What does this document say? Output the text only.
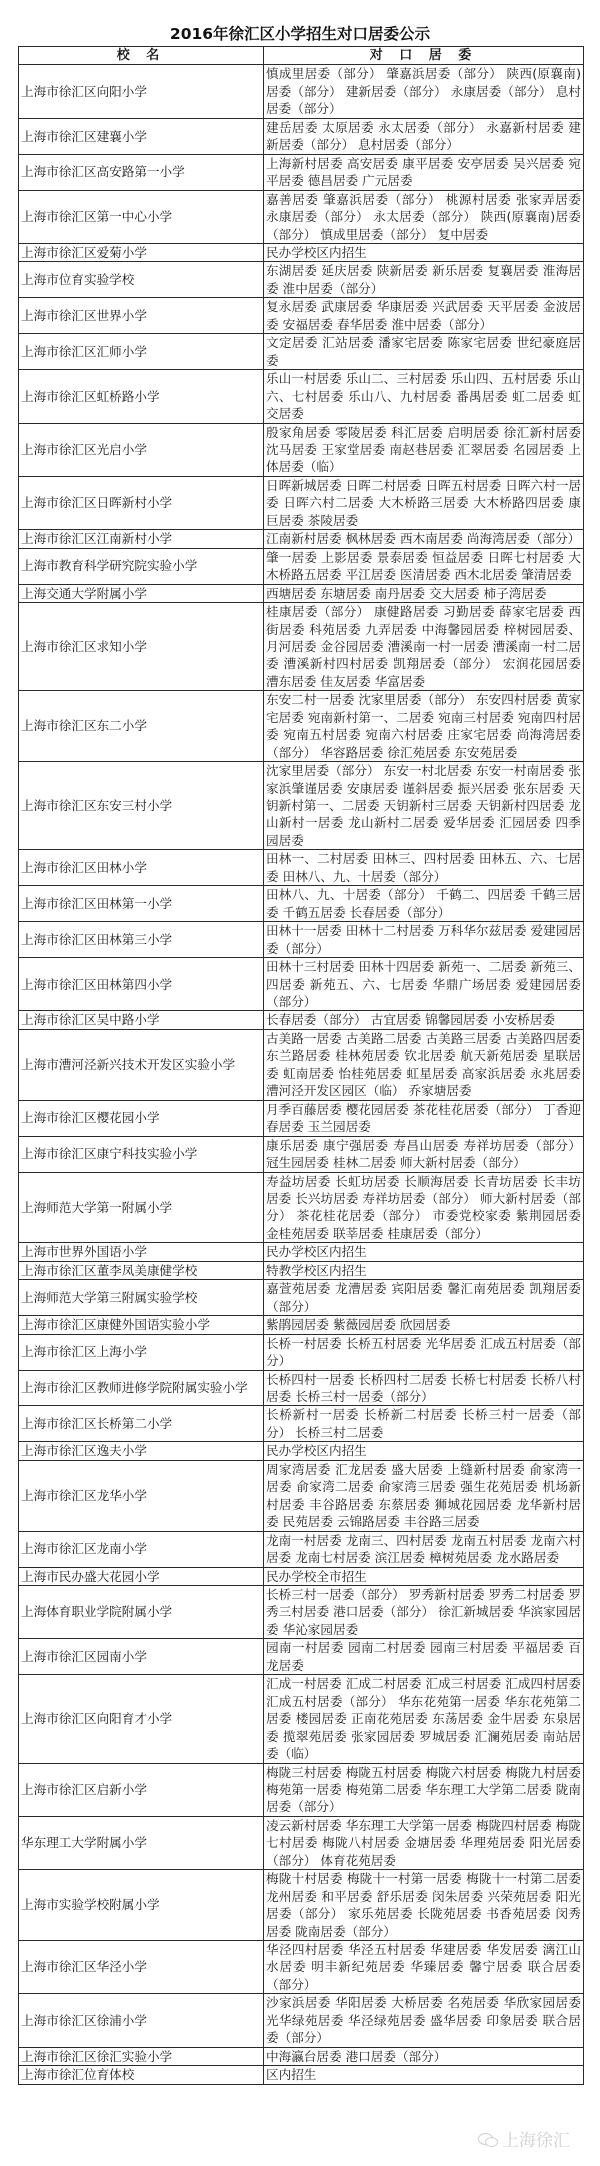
2016年徐汇区小学招生对口居委公示
校 名	对 口 居 委
上海市徐汇区向阳小学	慎成里居委（部分） 肇嘉浜居委（部分） 陕西(原襄南)居委（部分） 建新居委（部分） 永康居委（部分） 息村居委（部分）
上海市徐汇区建襄小学	建岳居委 太原居委 永太居委（部分） 永嘉新村居委 建新居委（部分） 息村居委（部分）
上海市徐汇区高安路第一小学	上海新村居委 高安居委 康平居委 安亭居委 吴兴居委 宛平居委 德昌居委 广元居委
上海市徐汇区第一中心小学	嘉善居委 肇嘉浜居委（部分） 桃源村居委 张家弄居委 永康居委（部分） 永太居委（部分） 陕西(原襄南)居委（部分） 慎成里居委（部分） 复中居委
上海市徐汇区爱菊小学	民办学校区内招生
上海市位育实验学校	东湖居委 延庆居委 陕新居委 新乐居委 复襄居委 淮海居委 淮中居委（部分）
上海市徐汇区世界小学	复永居委 武康居委 华康居委 兴武居委 天平居委 金波居委 安福居委 春华居委 淮中居委（部分）
上海市徐汇区汇师小学	文定居委 汇站居委 潘家宅居委 陈家宅居委 世纪豪庭居委
上海市徐汇区虹桥路小学	乐山一村居委 乐山二、三村居委 乐山四、五村居委 乐山六、七村居委 乐山八、九村居委 番禺居委 虹二居委 虹交居委
上海市徐汇区光启小学	殷家角居委 零陵居委 科汇居委 启明居委 徐汇新村居委 沈马居委 王家堂居委 南赵巷居委 汇翠居委 名园居委 上体居委（临）
上海市徐汇区日晖新村小学	日晖新城居委 日晖二村居委 日晖五村居委 日晖六村一居委 日晖六村二居委 大木桥路三居委 大木桥路四居委 康巨居委 茶陵居委
上海市徐汇区江南新村小学	江南新村居委 枫林居委 西木南居委 尚海湾居委（部分）
上海市教育科学研究院实验小学	肇一居委 上影居委 景泰居委 恒益居委 日晖七村居委 大木桥路五居委 平江居委 医清居委 西木北居委 肇清居委
上海交通大学附属小学	西塘居委 东塘居委 南丹居委 交大居委 柿子湾居委
上海市徐汇区求知小学	桂康居委（部分） 康健路居委 习勤居委 薛家宅居委 西街居委 科苑居委 九弄居委 中海馨园居委 梓树园居委、月河居委 金谷园居委 漕溪南一村一居委 漕溪南一村二居委 漕溪新村四村居委 凯翔居委（部分） 宏润花园居委 漕东居委 佳友居委 华富居委
上海市徐汇区东二小学	东安二村一居委 沈家里居委（部分） 东安四村居委 黄家宅居委 宛南新村第一、二居委 宛南三村居委 宛南四村居委 宛南五村居委 宛南六村居委 庄家宅居委 尚海湾居委（部分） 华容路居委 徐汇苑居委 东安苑居委
上海市徐汇区东安三村小学	沈家里居委（部分） 东安一村北居委 东安一村南居委 张家浜肇谨居委 安康居委 谨斜居委 振兴居委 张东居委 天钥新村第一、二居委 天钥新村三居委 天钥新村四居委 龙山新村一居委 龙山新村二居委 爱华居委 汇园居委 四季园居委
上海市徐汇区田林小学	田林一、二村居委 田林三、四村居委 田林五、六、七居委 田林八、九、十居委（部分）
上海市徐汇区田林第一小学	田林八、九、十居委（部分） 千鹤二、四居委 千鹤三居委 千鹤五居委 长春居委（部分）
上海市徐汇区田林第三小学	田林十一居委 田林十二村居委 万科华尔兹居委 爱建园居委（部分）
上海市徐汇区田林第四小学	田林十三村居委 田林十四居委 新苑一、二居委 新苑三、四居委 新苑五、六、七居委 华鼎广场居委 爱建园居委（部分）
上海市徐汇区吴中路小学	长春居委（部分） 古宜居委 锦馨园居委 小安桥居委
上海市漕河泾新兴技术开发区实验小学	古美路一居委 古美路二居委 古美路三居委 古美路四居委 东兰路居委 桂林苑居委 钦北居委 航天新苑居委 星联居委 虹南居委 怡桂苑居委 虹星居委 高家浜居委 永兆居委 漕河泾开发区园区（临） 乔家塘居委
上海市徐汇区樱花园小学	月季百藤居委 樱花园居委 茶花桂花居委（部分） 丁香迎春居委 玉兰园居委
上海市徐汇区康宁科技实验小学	康乐居委 康宁强居委 寿昌山居委 寿祥坊居委（部分） 冠生园居委 桂林二居委 师大新村居委（部分）
上海师范大学第一附属小学	寿益坊居委 长虹坊居委 长顺海居委 长青坊居委 长丰坊居委 长兴坊居委 寿祥坊居委（部分） 师大新村居委（部分） 茶花桂花居委（部分） 市委党校家委 紫荆园居委 金桂苑居委 联莘居委 桂康居委（部分）
上海市世界外国语小学	民办学校区内招生
上海市徐汇区董李凤美康健学校	特教学校区内招生
上海师范大学第三附属实验学校	嘉萱苑居委 龙漕居委 宾阳居委 馨汇南苑居委 凯翔居委（部分）
上海市徐汇区康健外国语实验小学	紫鹃园居委 紫薇园居委 欣园居委
上海市徐汇区上海小学	长桥一村居委 长桥五村居委 光华居委 汇成五村居委（部分）
上海市徐汇区教师进修学院附属实验小学	长桥四村一居委 长桥四村二居委 长桥七村居委 长桥八村居委 长桥三村一居委（部分）
上海市徐汇区长桥第二小学	长桥新村一居委 长桥新二村居委 长桥三村一居委（部分） 长桥三村二居委
上海市徐汇区逸夫小学	民办学校区内招生
上海市徐汇区龙华小学	周家湾居委 汇龙居委 盛大居委 上缝新村居委 俞家湾一居委 俞家湾二居委 俞家湾三居委 强生花苑居委 机场新村居委 丰谷路居委 东蔡居委 狮城花园居委 龙华新村居委 民苑居委 云锦路居委 丰谷路三居委
上海市徐汇区龙南小学	龙南一村居委 龙南三、四村居委 龙南五村居委 龙南六村居委 龙南七村居委 滨江居委 樟树苑居委 龙水路居委
上海市民办盛大花园小学	民办学校全市招生
上海体育职业学院附属小学	长桥三村一居委（部分） 罗秀新村居委 罗秀二村居委 罗秀三村居委 港口居委（部分） 徐汇新城居委 华滨家园居委 华沁家园居委
上海市徐汇区园南小学	园南一村居委 园南二村居委 园南三村居委 平福居委 百龙居委
上海市徐汇区向阳育才小学	汇成一村居委 汇成二村居委 汇成三村居委 汇成四村居委 汇成五村居委（部分） 华东花苑第一居委 华东花苑第二居委 楼园居委 正南花苑居委 东荡居委 金牛居委 东泉居委 揽翠苑居委 张家园居委 罗城居委 汇澜苑居委 南站居委（临）
上海市徐汇区启新小学	梅陇三村居委 梅陇五村居委 梅陇六村居委 梅陇九村居委 梅苑第一居委 梅苑第二居委 华东理工大学第二居委 陇南居委（部分）
华东理工大学附属小学	凌云新村居委 华东理工大学第一居委 梅陇四村居委 梅陇七村居委 梅陇八村居委 金塘居委 华理苑居委 阳光居委（部分） 体育花苑居委
上海市实验学校附属小学	梅陇十村居委 梅陇十一村第一居委 梅陇十一村第二居委 龙州居委 和平居委 舒乐居委 闵朱居委 兴荣苑居委 阳光居委（部分） 家乐苑居委 长陇苑居委 书香苑居委 闵秀居委 陇南居委（部分）
上海市徐汇区华泾小学	华泾四村居委 华泾五村居委 华建居委 华发居委 漓江山水居委 明丰新纪苑居委 华臻居委 馨宁居委 联合居委（部分）
上海市徐汇区徐浦小学	沙家浜居委 华阳居委 大桥居委 名苑居委 华欣家园居委 光华绿苑居委 华泾绿苑居委 盛华居委 印象居委 联合居委（部分）
上海市徐汇区徐汇实验小学	中海瀛台居委 港口居委（部分）
上海市徐汇位育体校	区内招生
上海徐汇
